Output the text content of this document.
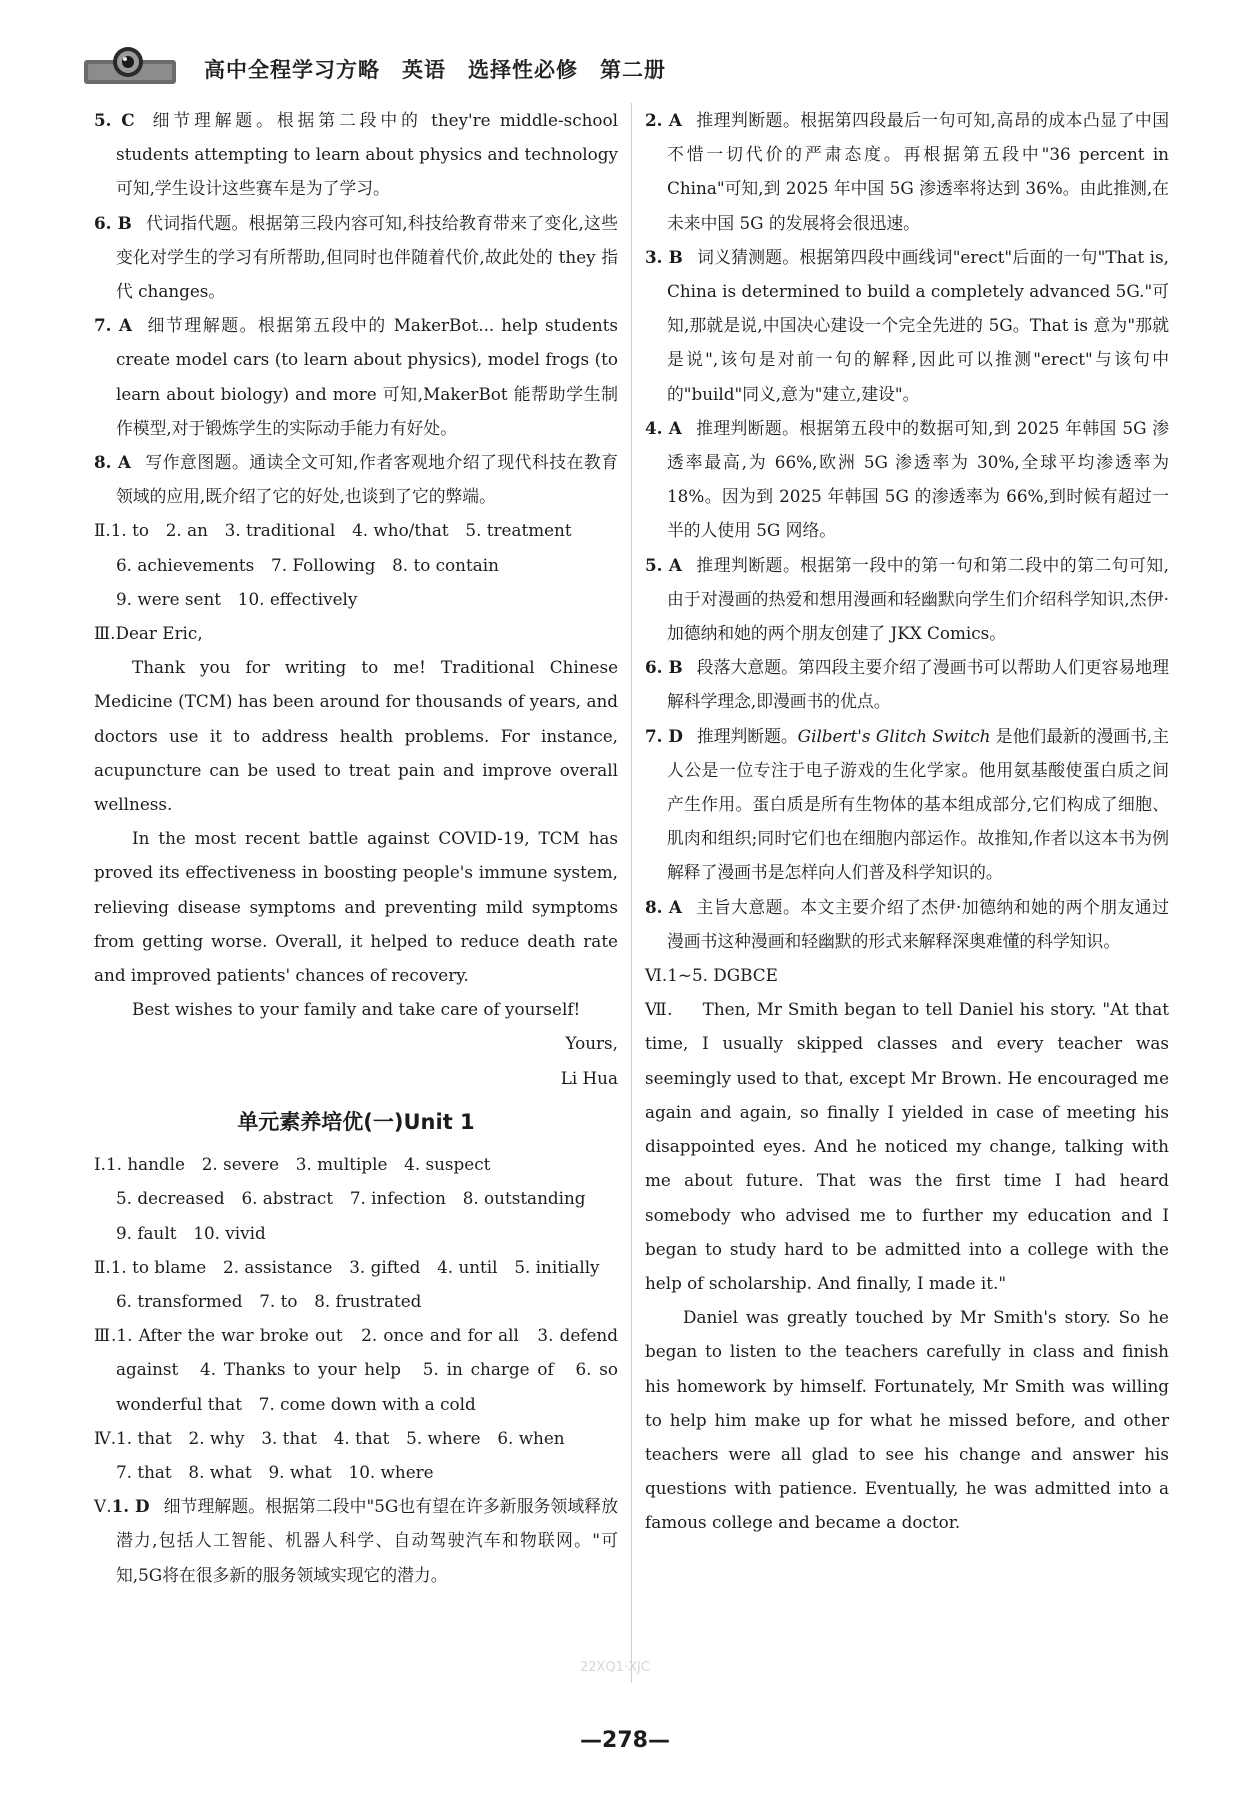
高中全程学习方略　英语　选择性必修　第二册

5. C 细节理解题。根据第二段中的 they're middle-school students attempting to learn about physics and technology 可知,学生设计这些赛车是为了学习。

6. B 代词指代题。根据第三段内容可知,科技给教育带来了变化,这些变化对学生的学习有所帮助,但同时也伴随着代价,故此处的 they 指代 changes。

7. A 细节理解题。根据第五段中的 MakerBot... help students create model cars (to learn about physics), model frogs (to learn about biology) and more 可知,MakerBot 能帮助学生制作模型,对于锻炼学生的实际动手能力有好处。

8. A 写作意图题。通读全文可知,作者客观地介绍了现代科技在教育领域的应用,既介绍了它的好处,也谈到了它的弊端。

Ⅱ.1. to　2. an　3. traditional　4. who/that　5. treatment

6. achievements　7. Following　8. to contain

9. were sent　10. effectively

Ⅲ.Dear Eric,

Thank you for writing to me! Traditional Chinese Medicine (TCM) has been around for thousands of years, and doctors use it to address health problems. For instance, acupuncture can be used to treat pain and improve overall wellness.

In the most recent battle against COVID-19, TCM has proved its effectiveness in boosting people's immune system, relieving disease symptoms and preventing mild symptoms from getting worse. Overall, it helped to reduce death rate and improved patients' chances of recovery.

Best wishes to your family and take care of yourself!

Yours,

Li Hua

单元素养培优(一)Unit 1

Ⅰ.1. handle　2. severe　3. multiple　4. suspect

5. decreased　6. abstract　7. infection　8. outstanding

9. fault　10. vivid

Ⅱ.1. to blame　2. assistance　3. gifted　4. until　5. initially

6. transformed　7. to　8. frustrated

Ⅲ.1. After the war broke out　2. once and for all　3. defend against　4. Thanks to your help　5. in charge of　6. so wonderful that　7. come down with a cold

Ⅳ.1. that　2. why　3. that　4. that　5. where　6. when

7. that　8. what　9. what　10. where

Ⅴ.1. D 细节理解题。根据第二段中"5G也有望在许多新服务领域释放潜力,包括人工智能、机器人科学、自动驾驶汽车和物联网。"可知,5G将在很多新的服务领域实现它的潜力。

2. A 推理判断题。根据第四段最后一句可知,高昂的成本凸显了中国不惜一切代价的严肃态度。再根据第五段中"36 percent in China"可知,到 2025 年中国 5G 渗透率将达到 36%。由此推测,在未来中国 5G 的发展将会很迅速。

3. B 词义猜测题。根据第四段中画线词"erect"后面的一句"That is, China is determined to build a completely advanced 5G."可知,那就是说,中国决心建设一个完全先进的 5G。That is 意为"那就是说",该句是对前一句的解释,因此可以推测"erect"与该句中的"build"同义,意为"建立,建设"。

4. A 推理判断题。根据第五段中的数据可知,到 2025 年韩国 5G 渗透率最高,为 66%,欧洲 5G 渗透率为 30%,全球平均渗透率为 18%。因为到 2025 年韩国 5G 的渗透率为 66%,到时候有超过一半的人使用 5G 网络。

5. A 推理判断题。根据第一段中的第一句和第二段中的第二句可知,由于对漫画的热爱和想用漫画和轻幽默向学生们介绍科学知识,杰伊·加德纳和她的两个朋友创建了 JKX Comics。

6. B 段落大意题。第四段主要介绍了漫画书可以帮助人们更容易地理解科学理念,即漫画书的优点。

7. D 推理判断题。Gilbert's Glitch Switch 是他们最新的漫画书,主人公是一位专注于电子游戏的生化学家。他用氨基酸使蛋白质之间产生作用。蛋白质是所有生物体的基本组成部分,它们构成了细胞、肌肉和组织;同时它们也在细胞内部运作。故推知,作者以这本书为例解释了漫画书是怎样向人们普及科学知识的。

8. A 主旨大意题。本文主要介绍了杰伊·加德纳和她的两个朋友通过漫画书这种漫画和轻幽默的形式来解释深奥难懂的科学知识。

Ⅵ.1~5. DGBCE

Ⅶ. Then, Mr Smith began to tell Daniel his story. "At that time, I usually skipped classes and every teacher was seemingly used to that, except Mr Brown. He encouraged me again and again, so finally I yielded in case of meeting his disappointed eyes. And he noticed my change, talking with me about future. That was the first time I had heard somebody who advised me to further my education and I began to study hard to be admitted into a college with the help of scholarship. And finally, I made it."

Daniel was greatly touched by Mr Smith's story. So he began to listen to the teachers carefully in class and finish his homework by himself. Fortunately, Mr Smith was willing to help him make up for what he missed before, and other teachers were all glad to see his change and answer his questions with patience. Eventually, he was admitted into a famous college and became a doctor.

22XQ1·XJC
—278—
